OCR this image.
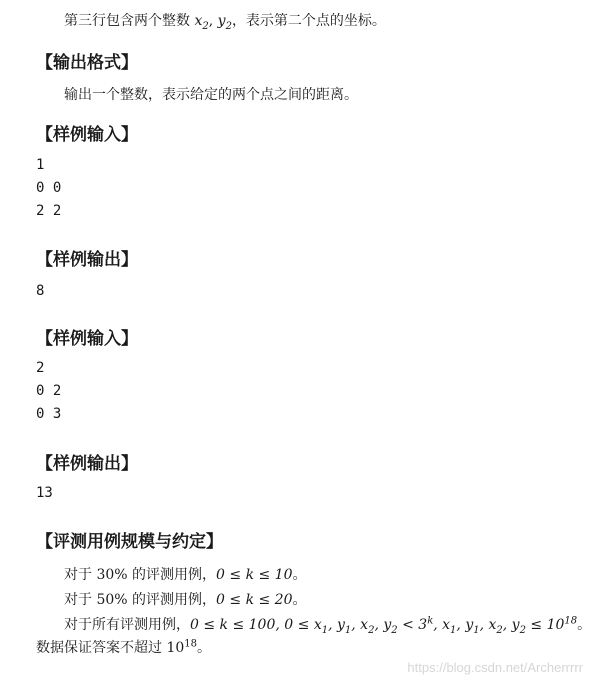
第三行包含两个整数 $x_2$, $y_2$，表示第二个点的坐标。
【输出格式】
输出一个整数，表示给定的两个点之间的距离。
【样例输入】
1
0 0
2 2
【样例输出】
8
【样例输入】
2
0 2
0 3
【样例输出】
13
【评测用例规模与约定】
对于 30% 的评测用例，0 ≤ k ≤ 10。
对于 50% 的评测用例，0 ≤ k ≤ 20。
对于所有评测用例，0 ≤ k ≤ 100, $0 \le x_1$, $y_1$, $x_2$, $y_2 < 3^k$, $x_1$, $y_1$, $x_2$, $y_2 \le 10^{18}$。
数据保证答案不超过 $10^{18}$。
https://blog.csdn.net/Archerrrrr
